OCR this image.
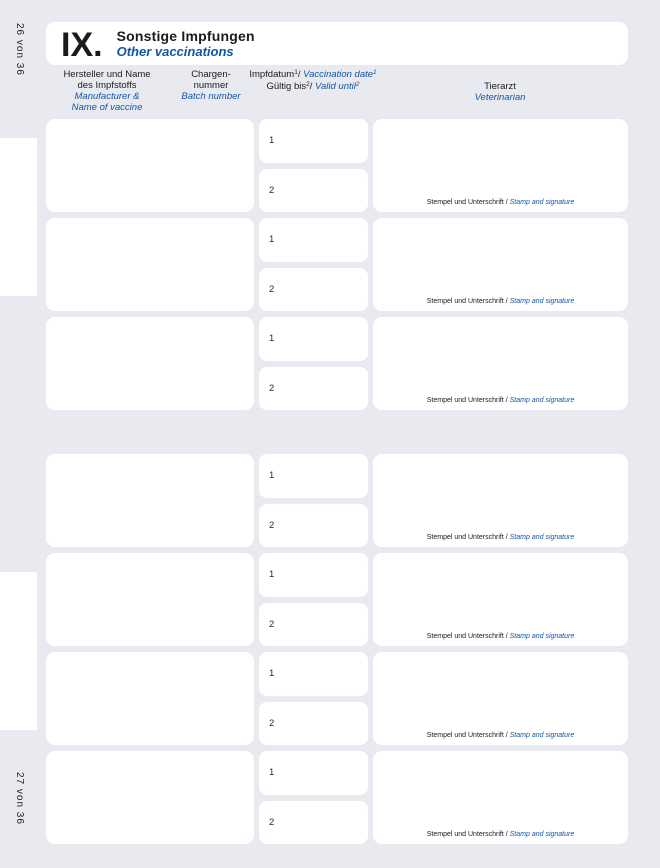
26 von 36
27 von 36
IX. Sonstige Impfungen
Other vaccinations
Hersteller und Name
des Impfstoffs
Manufacturer &
Name of vaccine
Chargen-
nummer
Batch number
Impfdatum$^1$/ Vaccination date$^1$
Gültig bis$^2$/ Valid until$^2$	Tierarzt
Veterinarian
1
2
Stempel und Unterschrift / Stamp and signature
1
2
Stempel und Unterschrift / Stamp and signature
1
2
Stempel und Unterschrift / Stamp and signature
1
2
Stempel und Unterschrift / Stamp and signature
1
2
Stempel und Unterschrift / Stamp and signature
1
2
Stempel und Unterschrift / Stamp and signature
1
2
Stempel und Unterschrift / Stamp and signature
